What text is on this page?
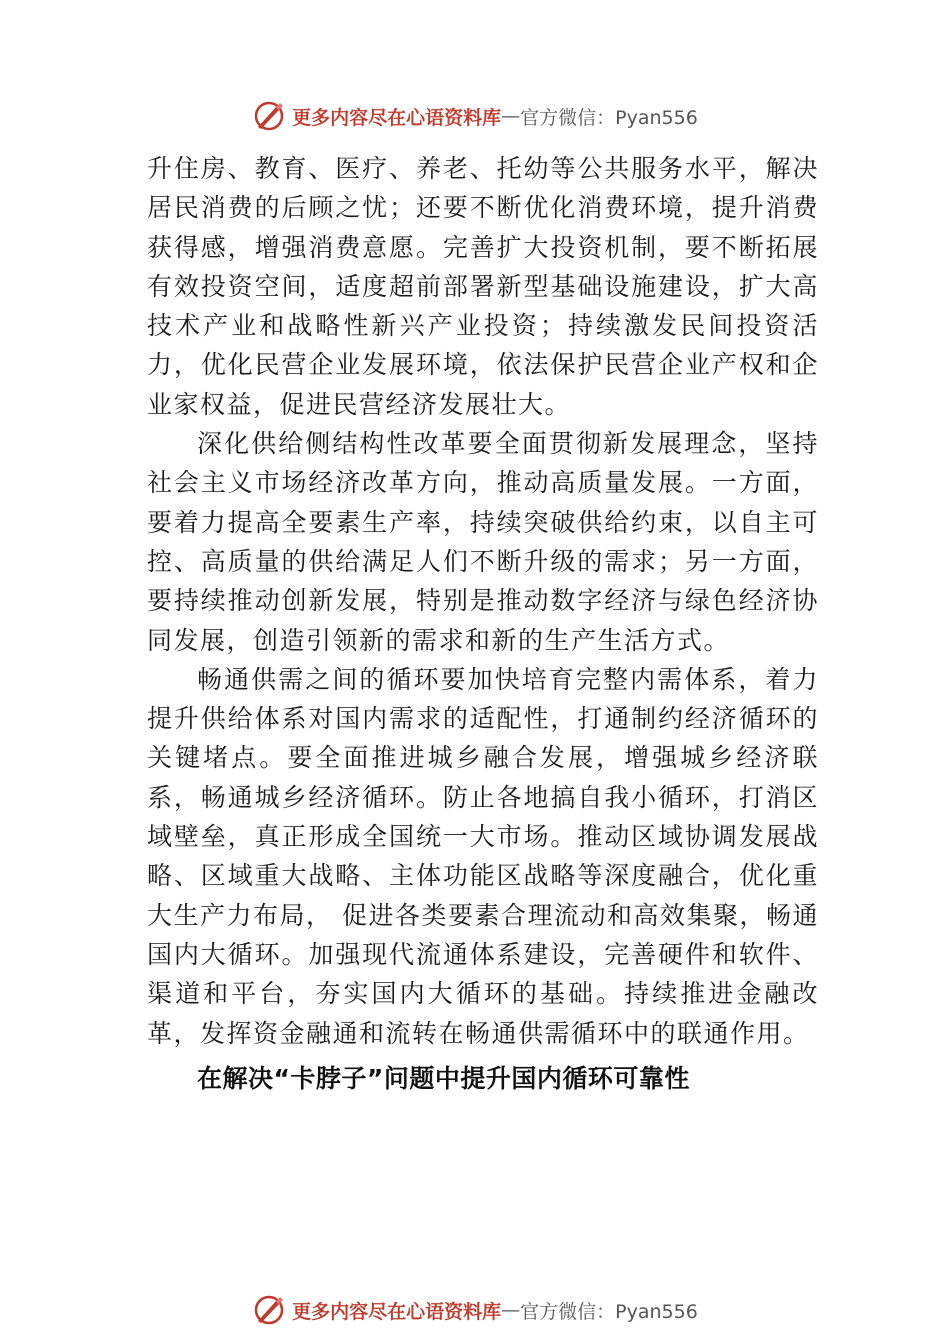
更多内容尽在心语资料库 — 官方微信：Pyan556

升住房、教育、医疗、养老、托幼等公共服务水平，解决居民消费的后顾之忧；还要不断优化消费环境，提升消费获得感，增强消费意愿。完善扩大投资机制，要不断拓展有效投资空间，适度超前部署新型基础设施建设，扩大高技术产业和战略性新兴产业投资；持续激发民间投资活力，优化民营企业发展环境，依法保护民营企业产权和企业家权益，促进民营经济发展壮大。

深化供给侧结构性改革要全面贯彻新发展理念，坚持社会主义市场经济改革方向，推动高质量发展。一方面，要着力提高全要素生产率，持续突破供给约束，以自主可控、高质量的供给满足人们不断升级的需求；另一方面，要持续推动创新发展，特别是推动数字经济与绿色经济协同发展，创造引领新的需求和新的生产生活方式。

畅通供需之间的循环要加快培育完整内需体系，着力提升供给体系对国内需求的适配性，打通制约经济循环的关键堵点。要全面推进城乡融合发展，增强城乡经济联系，畅通城乡经济循环。防止各地搞自我小循环，打消区域壁垒，真正形成全国统一大市场。推动区域协调发展战略、区域重大战略、主体功能区战略等深度融合，优化重大生产力布局， 促进各类要素合理流动和高效集聚，畅通国内大循环。加强现代流通体系建设，完善硬件和软件、渠道和平台，夯实国内大循环的基础。持续推进金融改革，发挥资金融通和流转在畅通供需循环中的联通作用。

在解决“卡脖子”问题中提升国内循环可靠性
更多内容尽在心语资料库 — 官方微信：Pyan556
